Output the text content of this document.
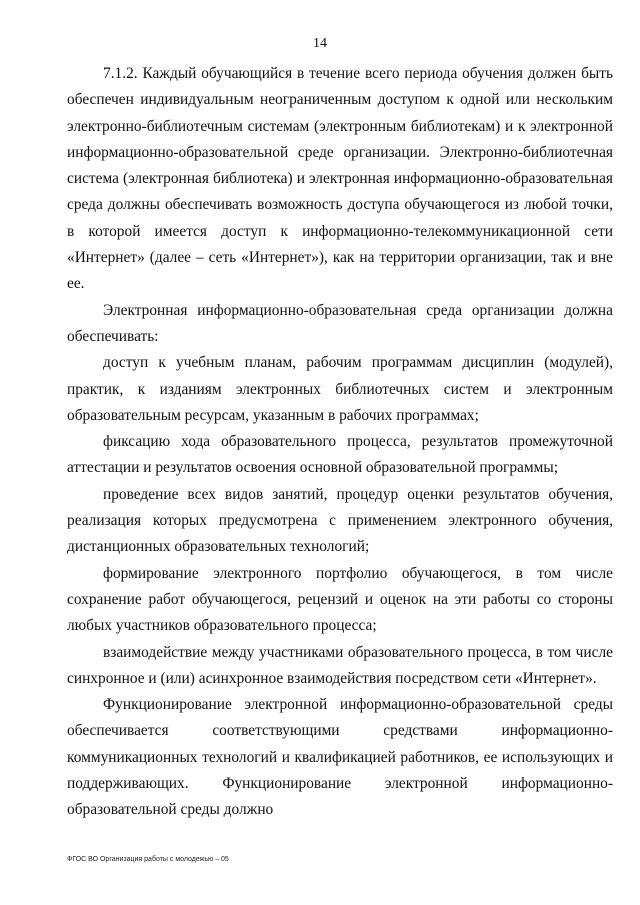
14

7.1.2. Каждый обучающийся в течение всего периода обучения должен быть обеспечен индивидуальным неограниченным доступом к одной или нескольким электронно-библиотечным системам (электронным библиотекам) и к электронной информационно-образовательной среде организации. Электронно-библиотечная система (электронная библиотека) и электронная информационно-образовательная среда должны обеспечивать возможность доступа обучающегося из любой точки, в которой имеется доступ к информационно-телекоммуникационной сети «Интернет» (далее – сеть «Интернет»), как на территории организации, так и вне ее.

Электронная информационно-образовательная среда организации должна обеспечивать:

доступ к учебным планам, рабочим программам дисциплин (модулей), практик, к изданиям электронных библиотечных систем и электронным образовательным ресурсам, указанным в рабочих программах;

фиксацию хода образовательного процесса, результатов промежуточной аттестации и результатов освоения основной образовательной программы;

проведение всех видов занятий, процедур оценки результатов обучения, реализация которых предусмотрена с применением электронного обучения, дистанционных образовательных технологий;

формирование электронного портфолио обучающегося, в том числе сохранение работ обучающегося, рецензий и оценок на эти работы со стороны любых участников образовательного процесса;

взаимодействие между участниками образовательного процесса, в том числе синхронное и (или) асинхронное взаимодействия посредством сети «Интернет».

Функционирование электронной информационно-образовательной среды обеспечивается соответствующими средствами информационно-коммуникационных технологий и квалификацией работников, ее использующих и поддерживающих. Функционирование электронной информационно-образовательной среды должно

ФГОС ВО Организация работы с молодежью – 05
